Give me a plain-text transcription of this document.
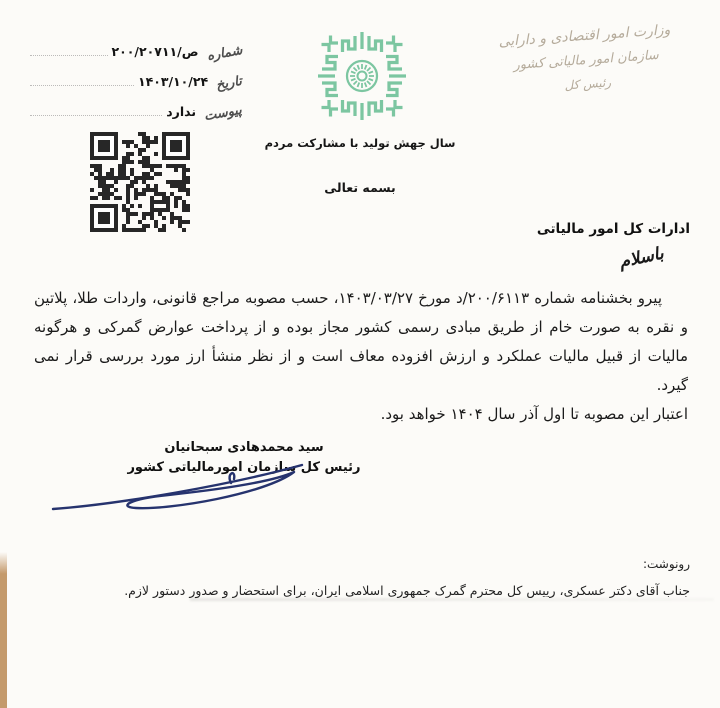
شماره
۲۰۰/۲۰۷۱۱/ص
تاریخ
۱۴۰۳/۱۰/۲۴
پیوست
ندارد
وزارت امور اقتصادی و دارایی
سازمان امور مالیاتی کشور
رئیس کل
سال جهش تولید با مشارکت مردم
بسمه تعالی
ادارات کل امور مالیاتی
باسلام

پیرو بخشنامه شماره ۲۰۰/۶۱۱۳/د مورخ ۱۴۰۳/۰۳/۲۷، حسب مصوبه مراجع قانونی، واردات طلا، پلاتین و نقره به صورت خام از طریق مبادی رسمی کشور مجاز بوده و از پرداخت عوارض گمرکی و هرگونه مالیات از قبیل مالیات عملکرد و ارزش افزوده معاف است و از نظر منشأ ارز مورد بررسی قرار نمی گیرد.

اعتبار این مصوبه تا اول آذر سال ۱۴۰۴ خواهد بود.

سید محمدهادی سبحانیان
رئیس کل سازمان امورمالیاتی کشور
رونوشت:
جناب آقای دکتر عسکری، رییس کل محترم گمرک جمهوری اسلامی ایران، برای استحضار و صدور دستور لازم.
